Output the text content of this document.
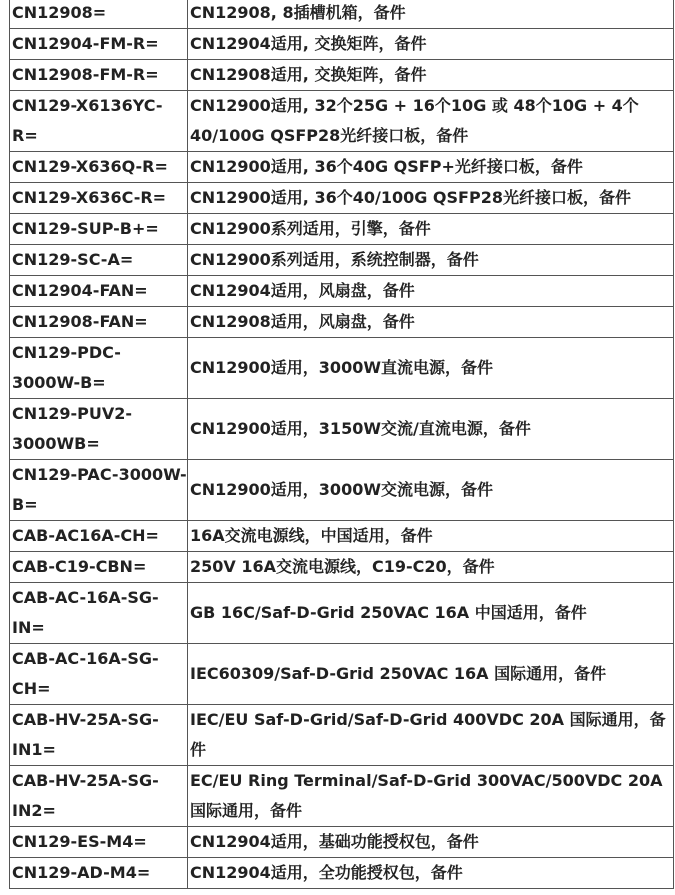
CN12908=	CN12908, 8插槽机箱，备件
CN12904-FM-R=	CN12904适用, 交换矩阵，备件
CN12908-FM-R=	CN12908适用, 交换矩阵，备件
CN129-X6136YC-R=	CN12900适用, 32个25G + 16个10G 或 48个10G + 4个40/100G QSFP28光纤接口板，备件
CN129-X636Q-R=	CN12900适用, 36个40G QSFP+光纤接口板，备件
CN129-X636C-R=	CN12900适用, 36个40/100G QSFP28光纤接口板，备件
CN129-SUP-B+=	CN12900系列适用，引擎，备件
CN129-SC-A=	CN12900系列适用，系统控制器，备件
CN12904-FAN=	CN12904适用，风扇盘，备件
CN12908-FAN=	CN12908适用，风扇盘，备件
CN129-PDC-3000W-B=	CN12900适用，3000W直流电源，备件
CN129-PUV2-3000WB=	CN12900适用，3150W交流/直流电源，备件
CN129-PAC-3000W-B=	CN12900适用，3000W交流电源，备件
CAB-AC16A-CH=	16A交流电源线，中国适用，备件
CAB-C19-CBN=	250V 16A交流电源线，C19-C20，备件
CAB-AC-16A-SG-IN=	GB 16C/Saf-D-Grid 250VAC 16A 中国适用，备件
CAB-AC-16A-SG-CH=	IEC60309/Saf-D-Grid 250VAC 16A 国际通用，备件
CAB-HV-25A-SG-IN1=	IEC/EU Saf-D-Grid/Saf-D-Grid 400VDC 20A 国际通用，备件
CAB-HV-25A-SG-IN2=	EC/EU Ring Terminal/Saf-D-Grid 300VAC/500VDC 20A 国际通用，备件
CN129-ES-M4=	CN12904适用，基础功能授权包，备件
CN129-AD-M4=	CN12904适用，全功能授权包，备件
